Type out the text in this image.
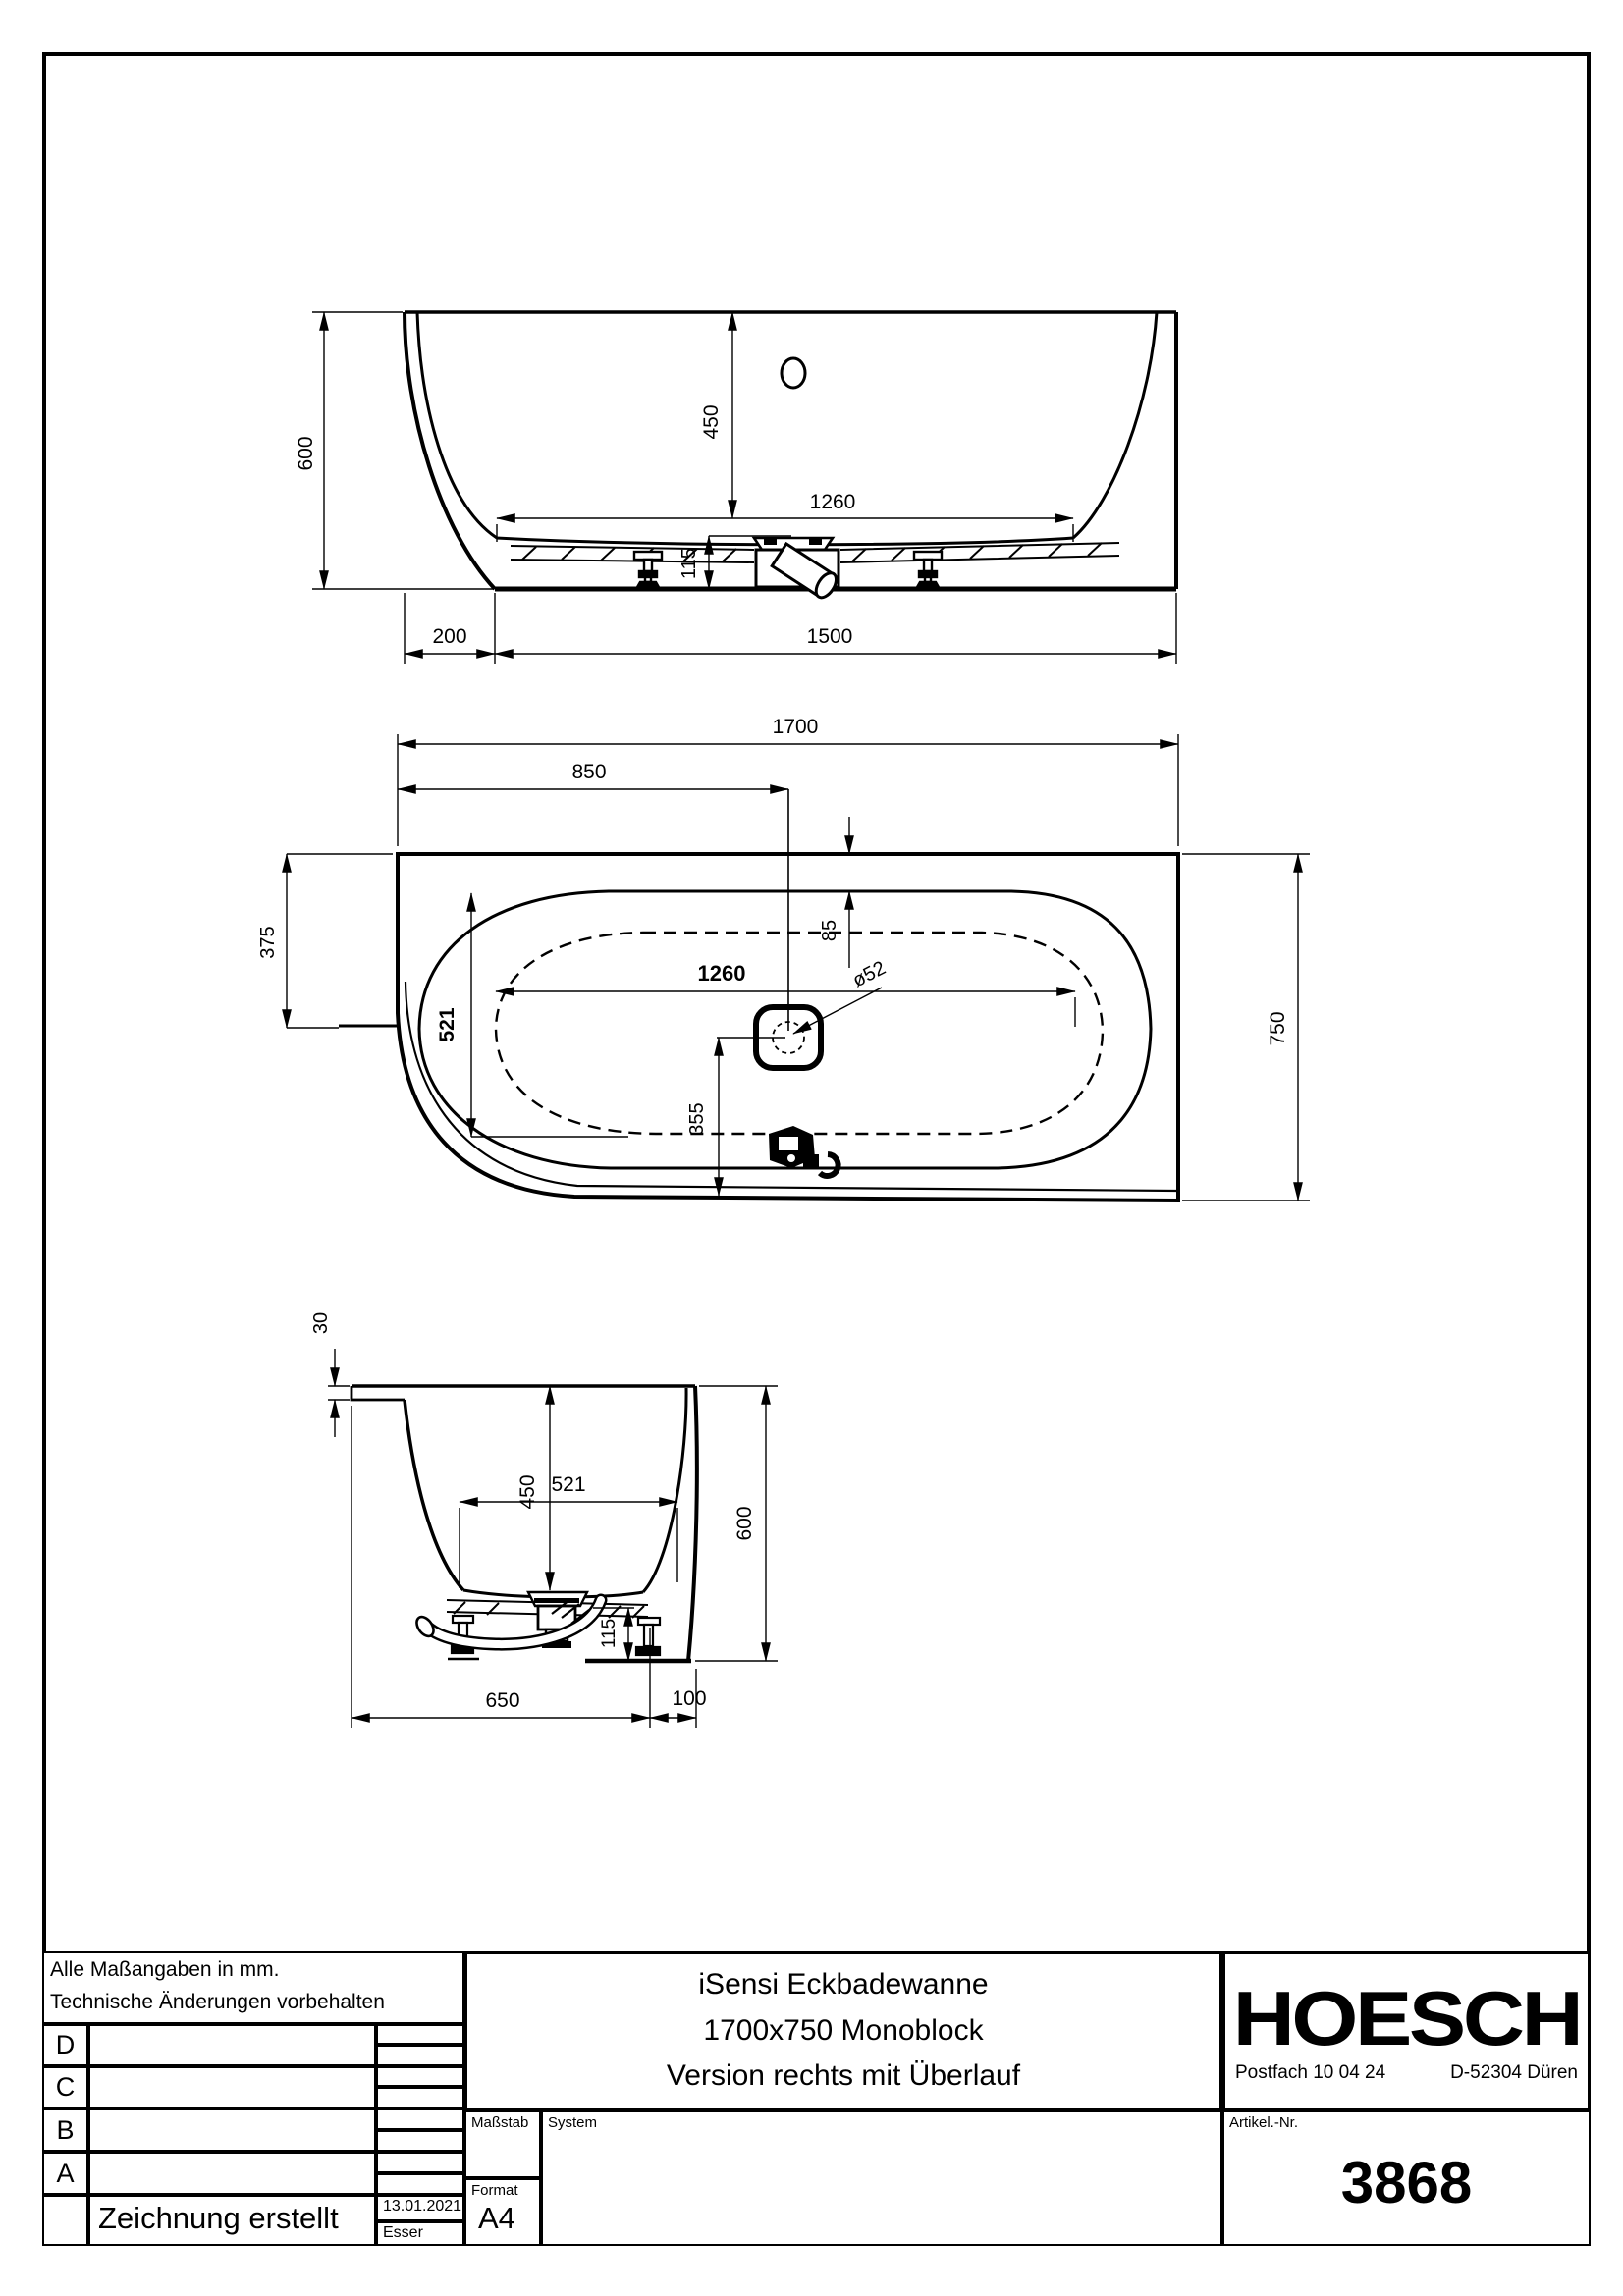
600
450
1260
115
200	1500
1700
850
85
375
521
1260	ø52
355
750
30
450 521
600
115
650	100
Alle Maßangaben in mm.
Technische Änderungen vorbehalten
D
C
B
A
Zeichnung erstellt	13.01.2021
Esser
iSensi Eckbadewanne
1700x750 Monoblock
Version rechts mit Überlauf
Maßstab
Format
A4
System
HOESCH
Postfach 10 04 24	D-52304 Düren
Artikel.-Nr.
3868
